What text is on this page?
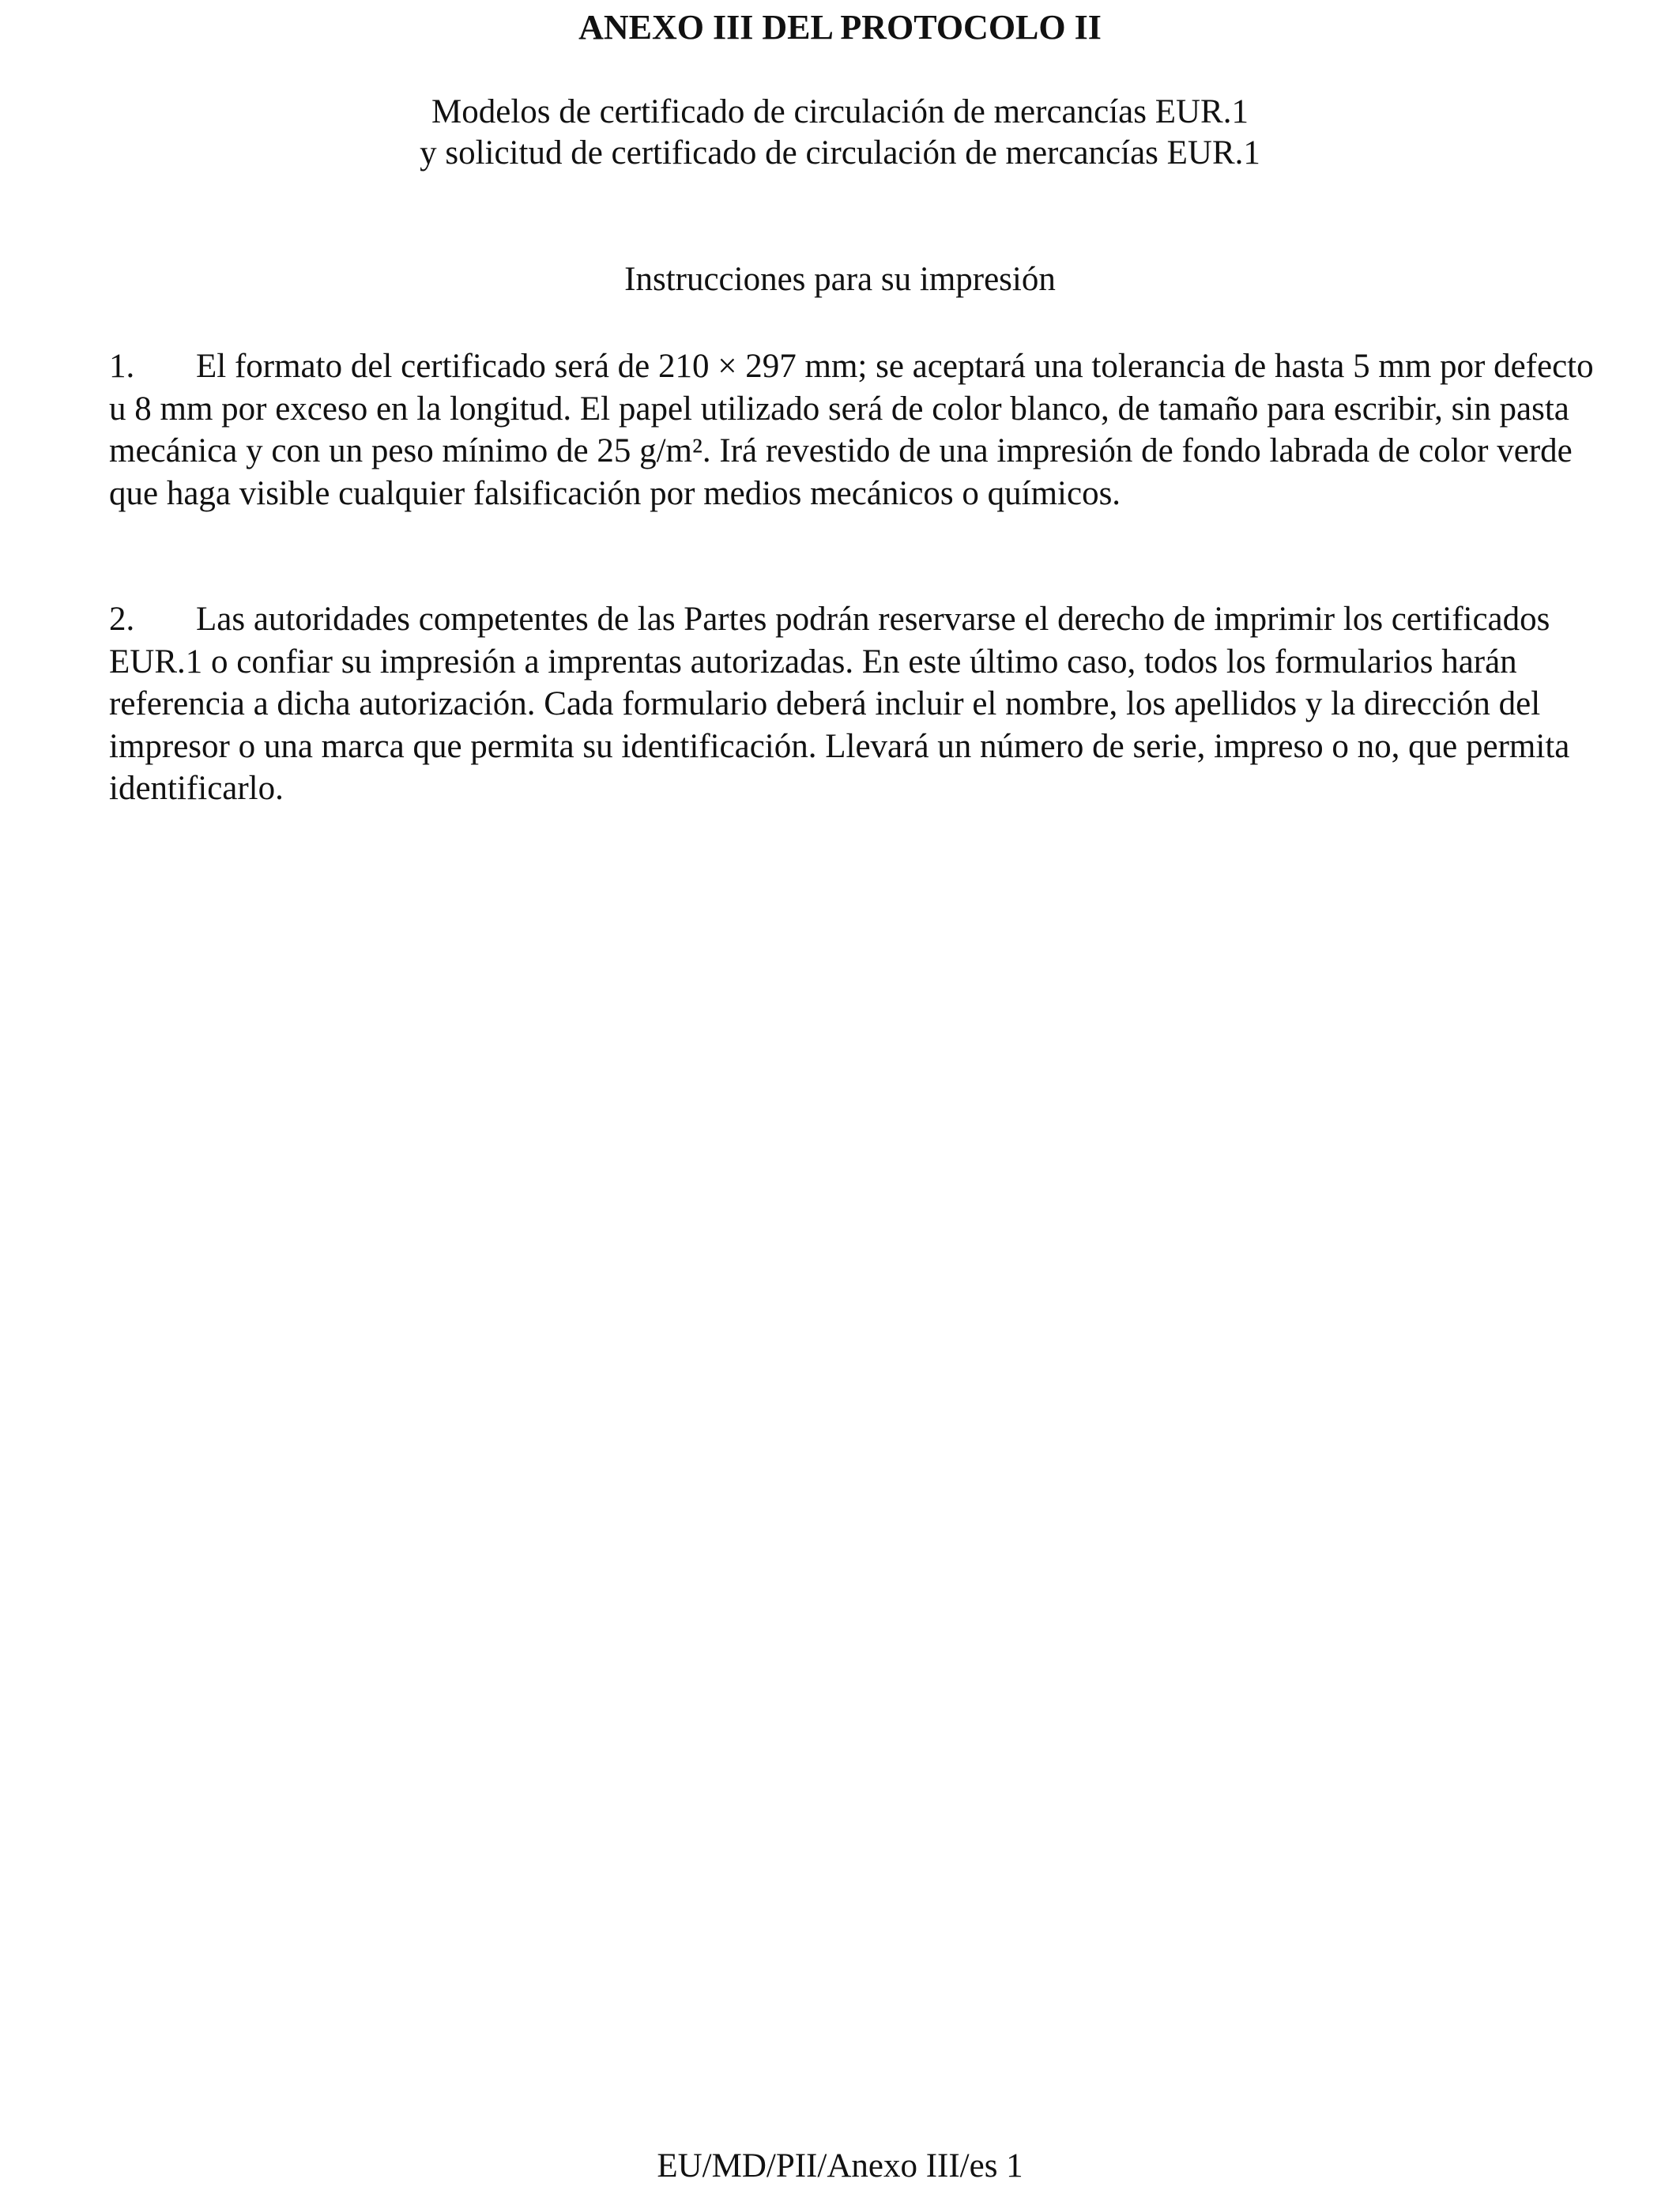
ANEXO III DEL PROTOCOLO II

Modelos de certificado de circulación de mercancías EUR.1

y solicitud de certificado de circulación de mercancías EUR.1

Instrucciones para su impresión

1. El formato del certificado será de 210 × 297 mm; se aceptará una tolerancia de hasta 5 mm por defecto u 8 mm por exceso en la longitud. El papel utilizado será de color blanco, de tamaño para escribir, sin pasta mecánica y con un peso mínimo de 25 g/m². Irá revestido de una impresión de fondo labrada de color verde que haga visible cualquier falsificación por medios mecánicos o químicos.

2. Las autoridades competentes de las Partes podrán reservarse el derecho de imprimir los certificados EUR.1 o confiar su impresión a imprentas autorizadas. En este último caso, todos los formularios harán referencia a dicha autorización. Cada formulario deberá incluir el nombre, los apellidos y la dirección del impresor o una marca que permita su identificación. Llevará un número de serie, impreso o no, que permita identificarlo.

EU/MD/PII/Anexo III/es 1
